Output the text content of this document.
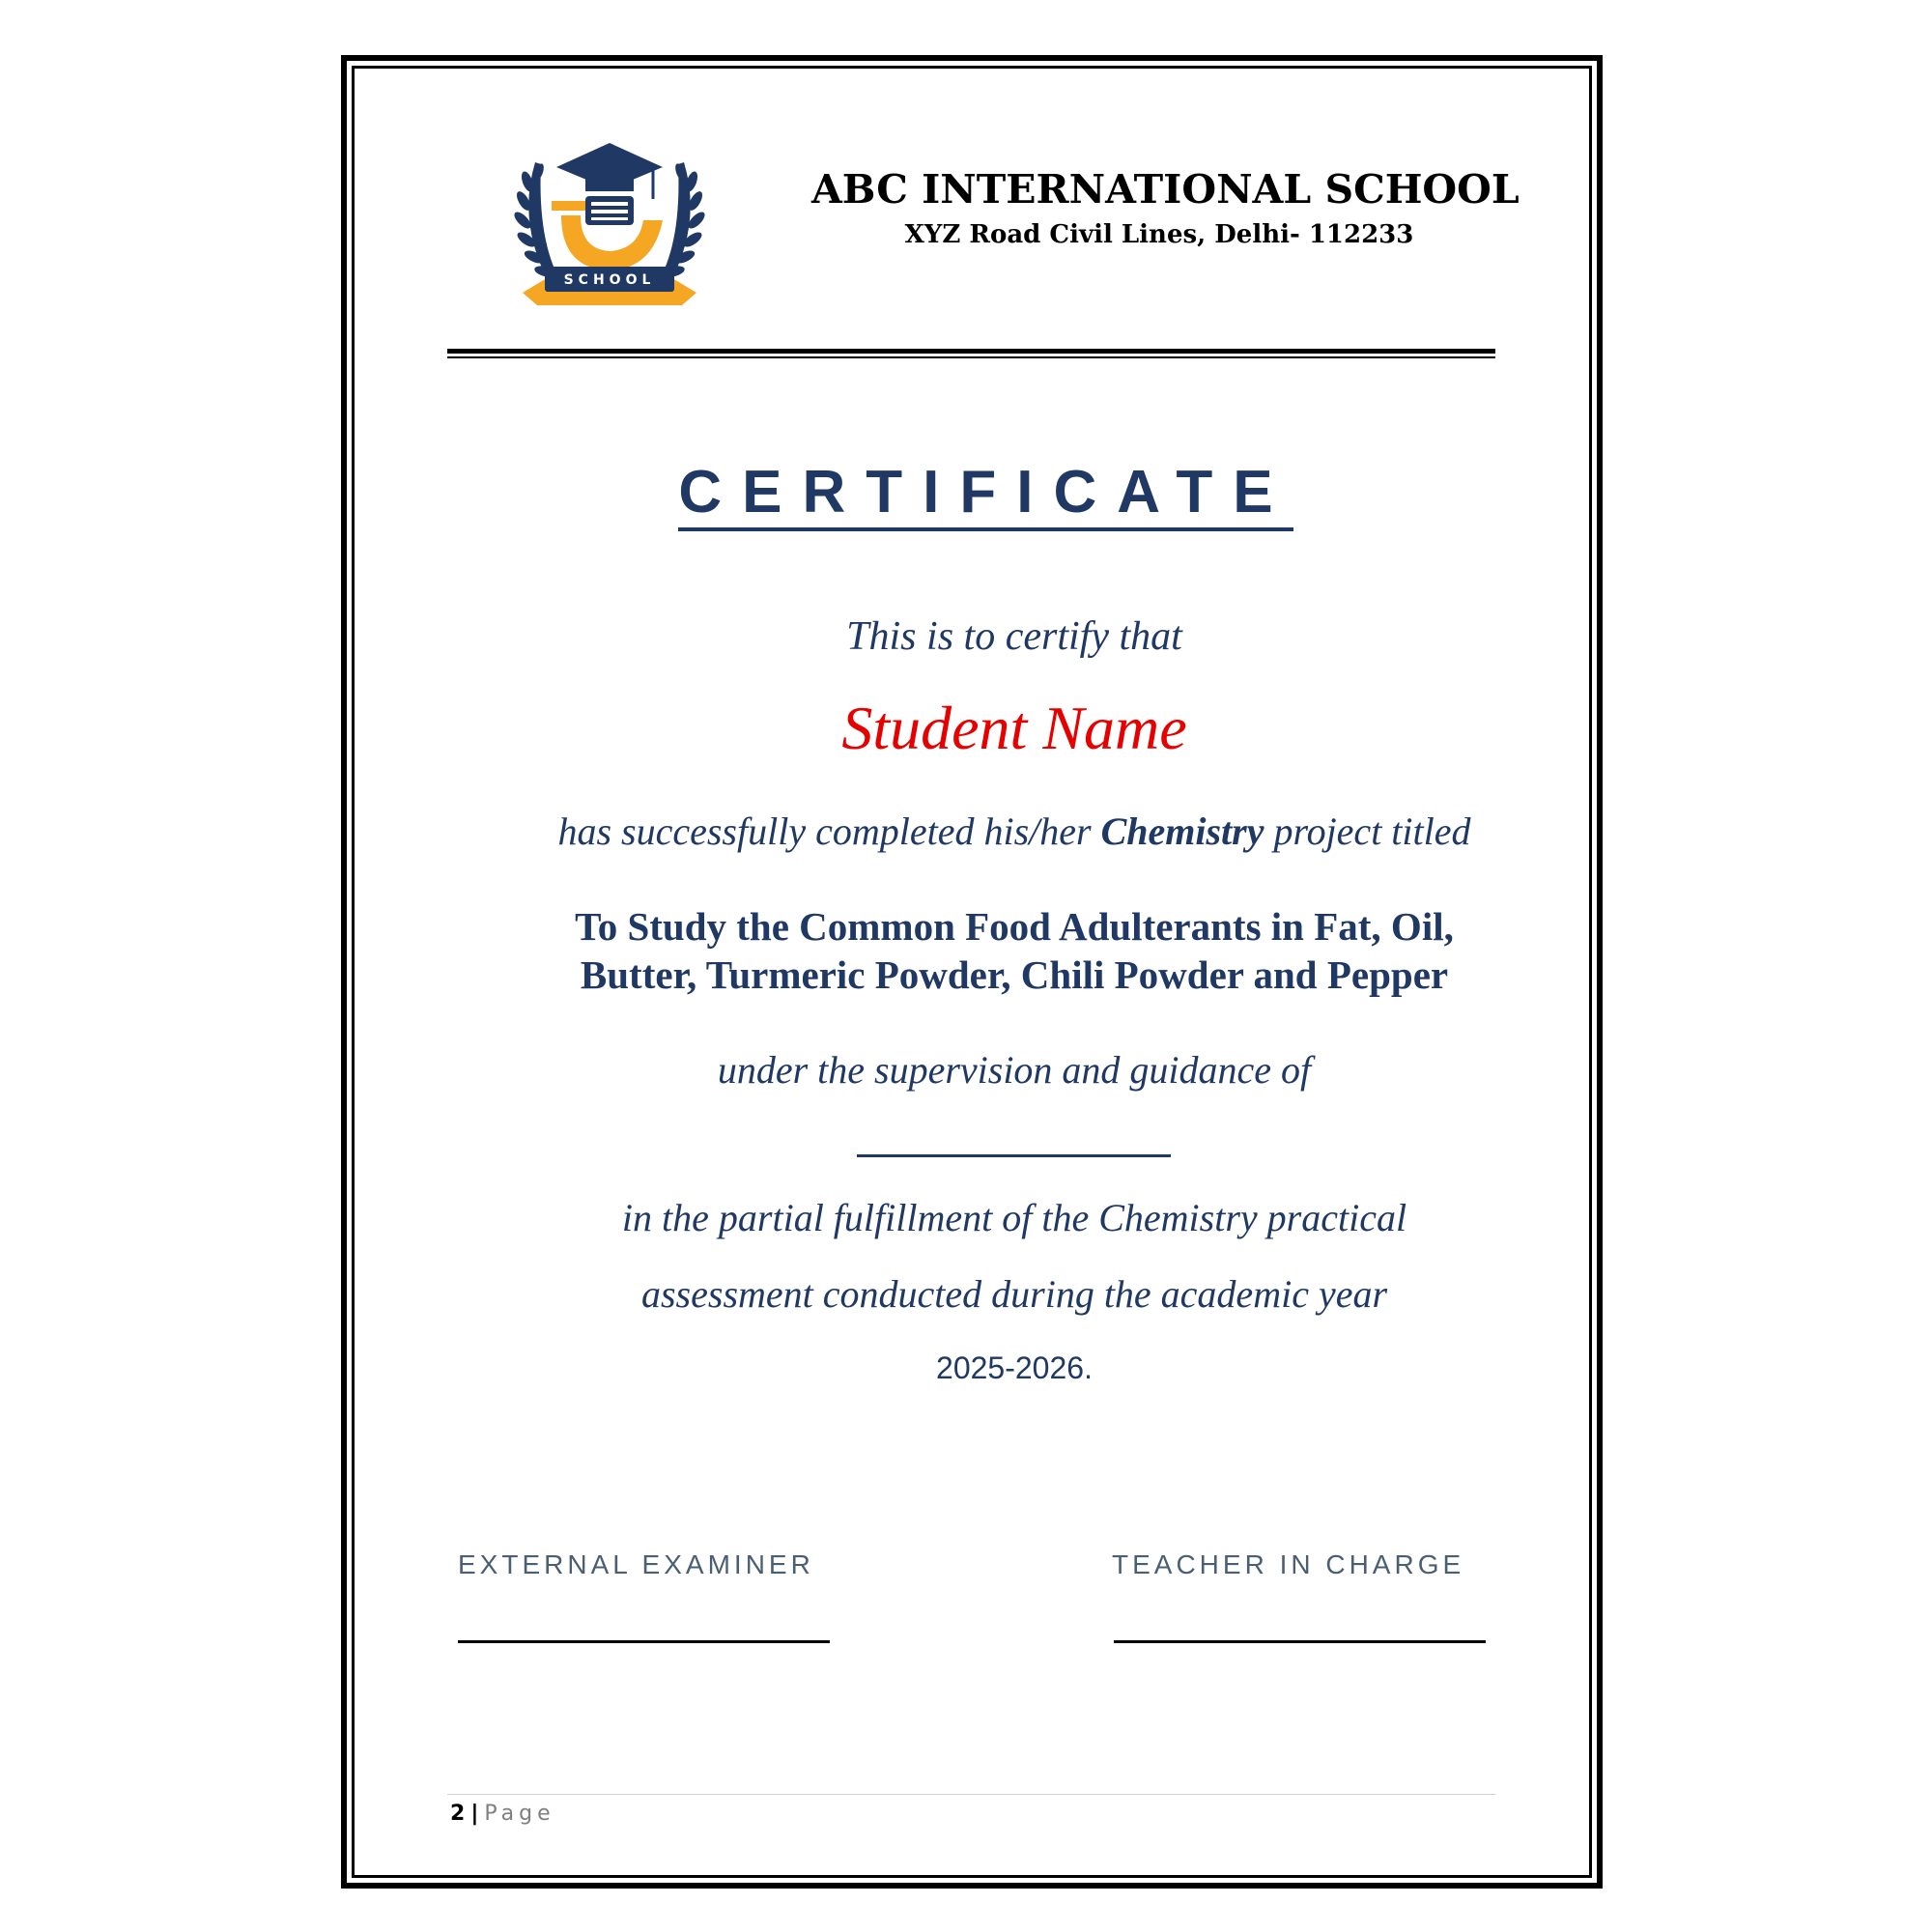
SCHOOL
ABC INTERNATIONAL SCHOOL
XYZ Road Civil Lines, Delhi- 112233
CERTIFICATE
This is to certify that
Student Name
has successfully completed his/her Chemistry project titled
To Study the Common Food Adulterants in Fat, Oil,
Butter, Turmeric Powder, Chili Powder and Pepper
under the supervision and guidance of
in the partial fulfillment of the Chemistry practical
assessment conducted during the academic year
2025-2026.
EXTERNAL EXAMINER	TEACHER IN CHARGE
2 | Page
